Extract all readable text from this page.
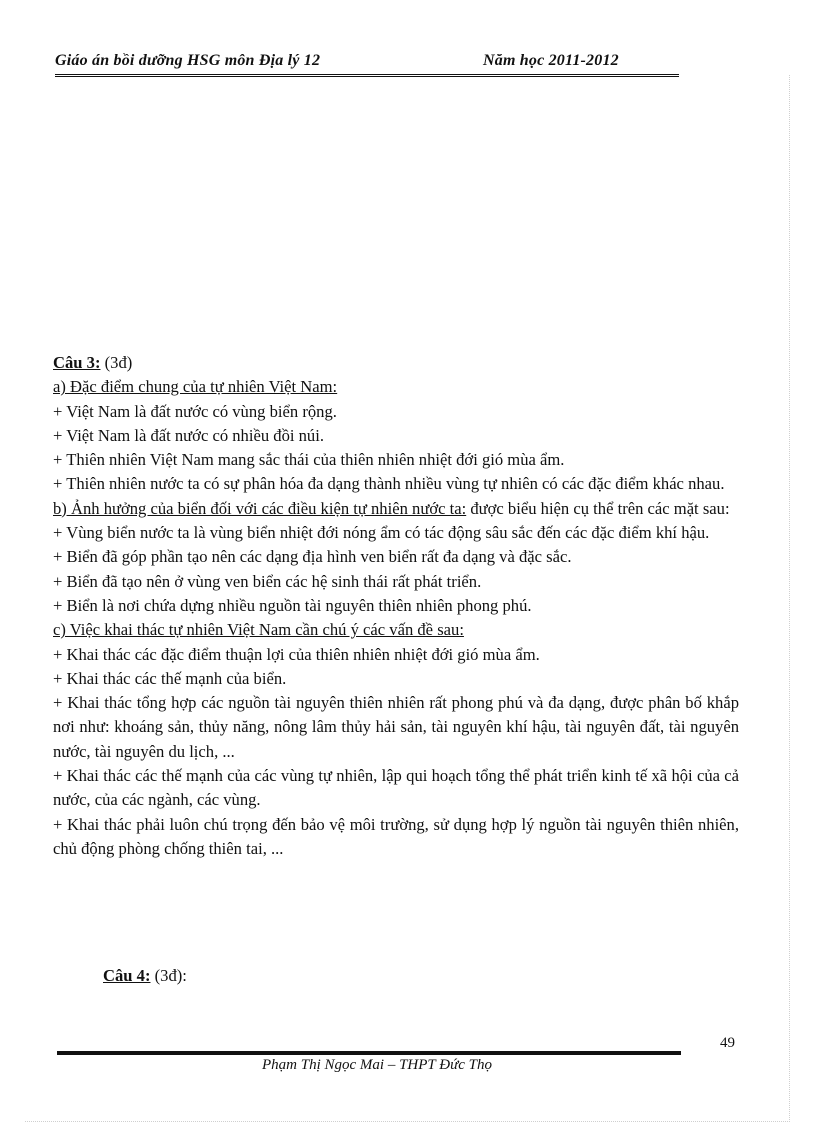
Giáo án bồi dưỡng HSG môn Địa lý 12	Năm học 2011-2012

Câu 3: (3đ)

a) Đặc điểm chung của tự nhiên Việt Nam:

+ Việt Nam là đất nước có vùng biển rộng.

+ Việt Nam là đất nước có nhiều đồi núi.

+ Thiên nhiên Việt Nam mang sắc thái của thiên nhiên nhiệt đới gió mùa ẩm.

+ Thiên nhiên nước ta có sự phân hóa đa dạng thành nhiều vùng tự nhiên có các đặc điểm khác nhau.

b) Ảnh hưởng của biển đối với các điều kiện tự nhiên nước ta: được biểu hiện cụ thể trên các mặt sau:

+ Vùng biển nước ta là vùng biển nhiệt đới nóng ẩm có tác động sâu sắc đến các đặc điểm khí hậu.

+ Biển đã góp phần tạo nên các dạng địa hình ven biển rất đa dạng và đặc sắc.

+ Biển đã tạo nên ở vùng ven biển các hệ sinh thái rất phát triển.

+ Biển là nơi chứa dựng nhiều nguồn tài nguyên thiên nhiên phong phú.

c) Việc khai thác tự nhiên Việt Nam cần chú ý các vấn đề sau:

+ Khai thác các đặc điểm thuận lợi của thiên nhiên nhiệt đới gió mùa ẩm.

+ Khai thác các thế mạnh của biển.

+ Khai thác tổng hợp các nguồn tài nguyên thiên nhiên rất phong phú và đa dạng, được phân bố khắp nơi như: khoáng sản, thủy năng, nông lâm thủy hải sản, tài nguyên khí hậu, tài nguyên đất, tài nguyên nước, tài nguyên du lịch, ...

+ Khai thác các thế mạnh của các vùng tự nhiên, lập qui hoạch tổng thể phát triển kinh tế xã hội của cả nước, của các ngành, các vùng.

+ Khai thác phải luôn chú trọng đến bảo vệ môi trường, sử dụng hợp lý nguồn tài nguyên thiên nhiên, chủ động phòng chống thiên tai, ...

Câu 4: (3đ):
49
Phạm Thị Ngọc Mai – THPT Đức Thọ
